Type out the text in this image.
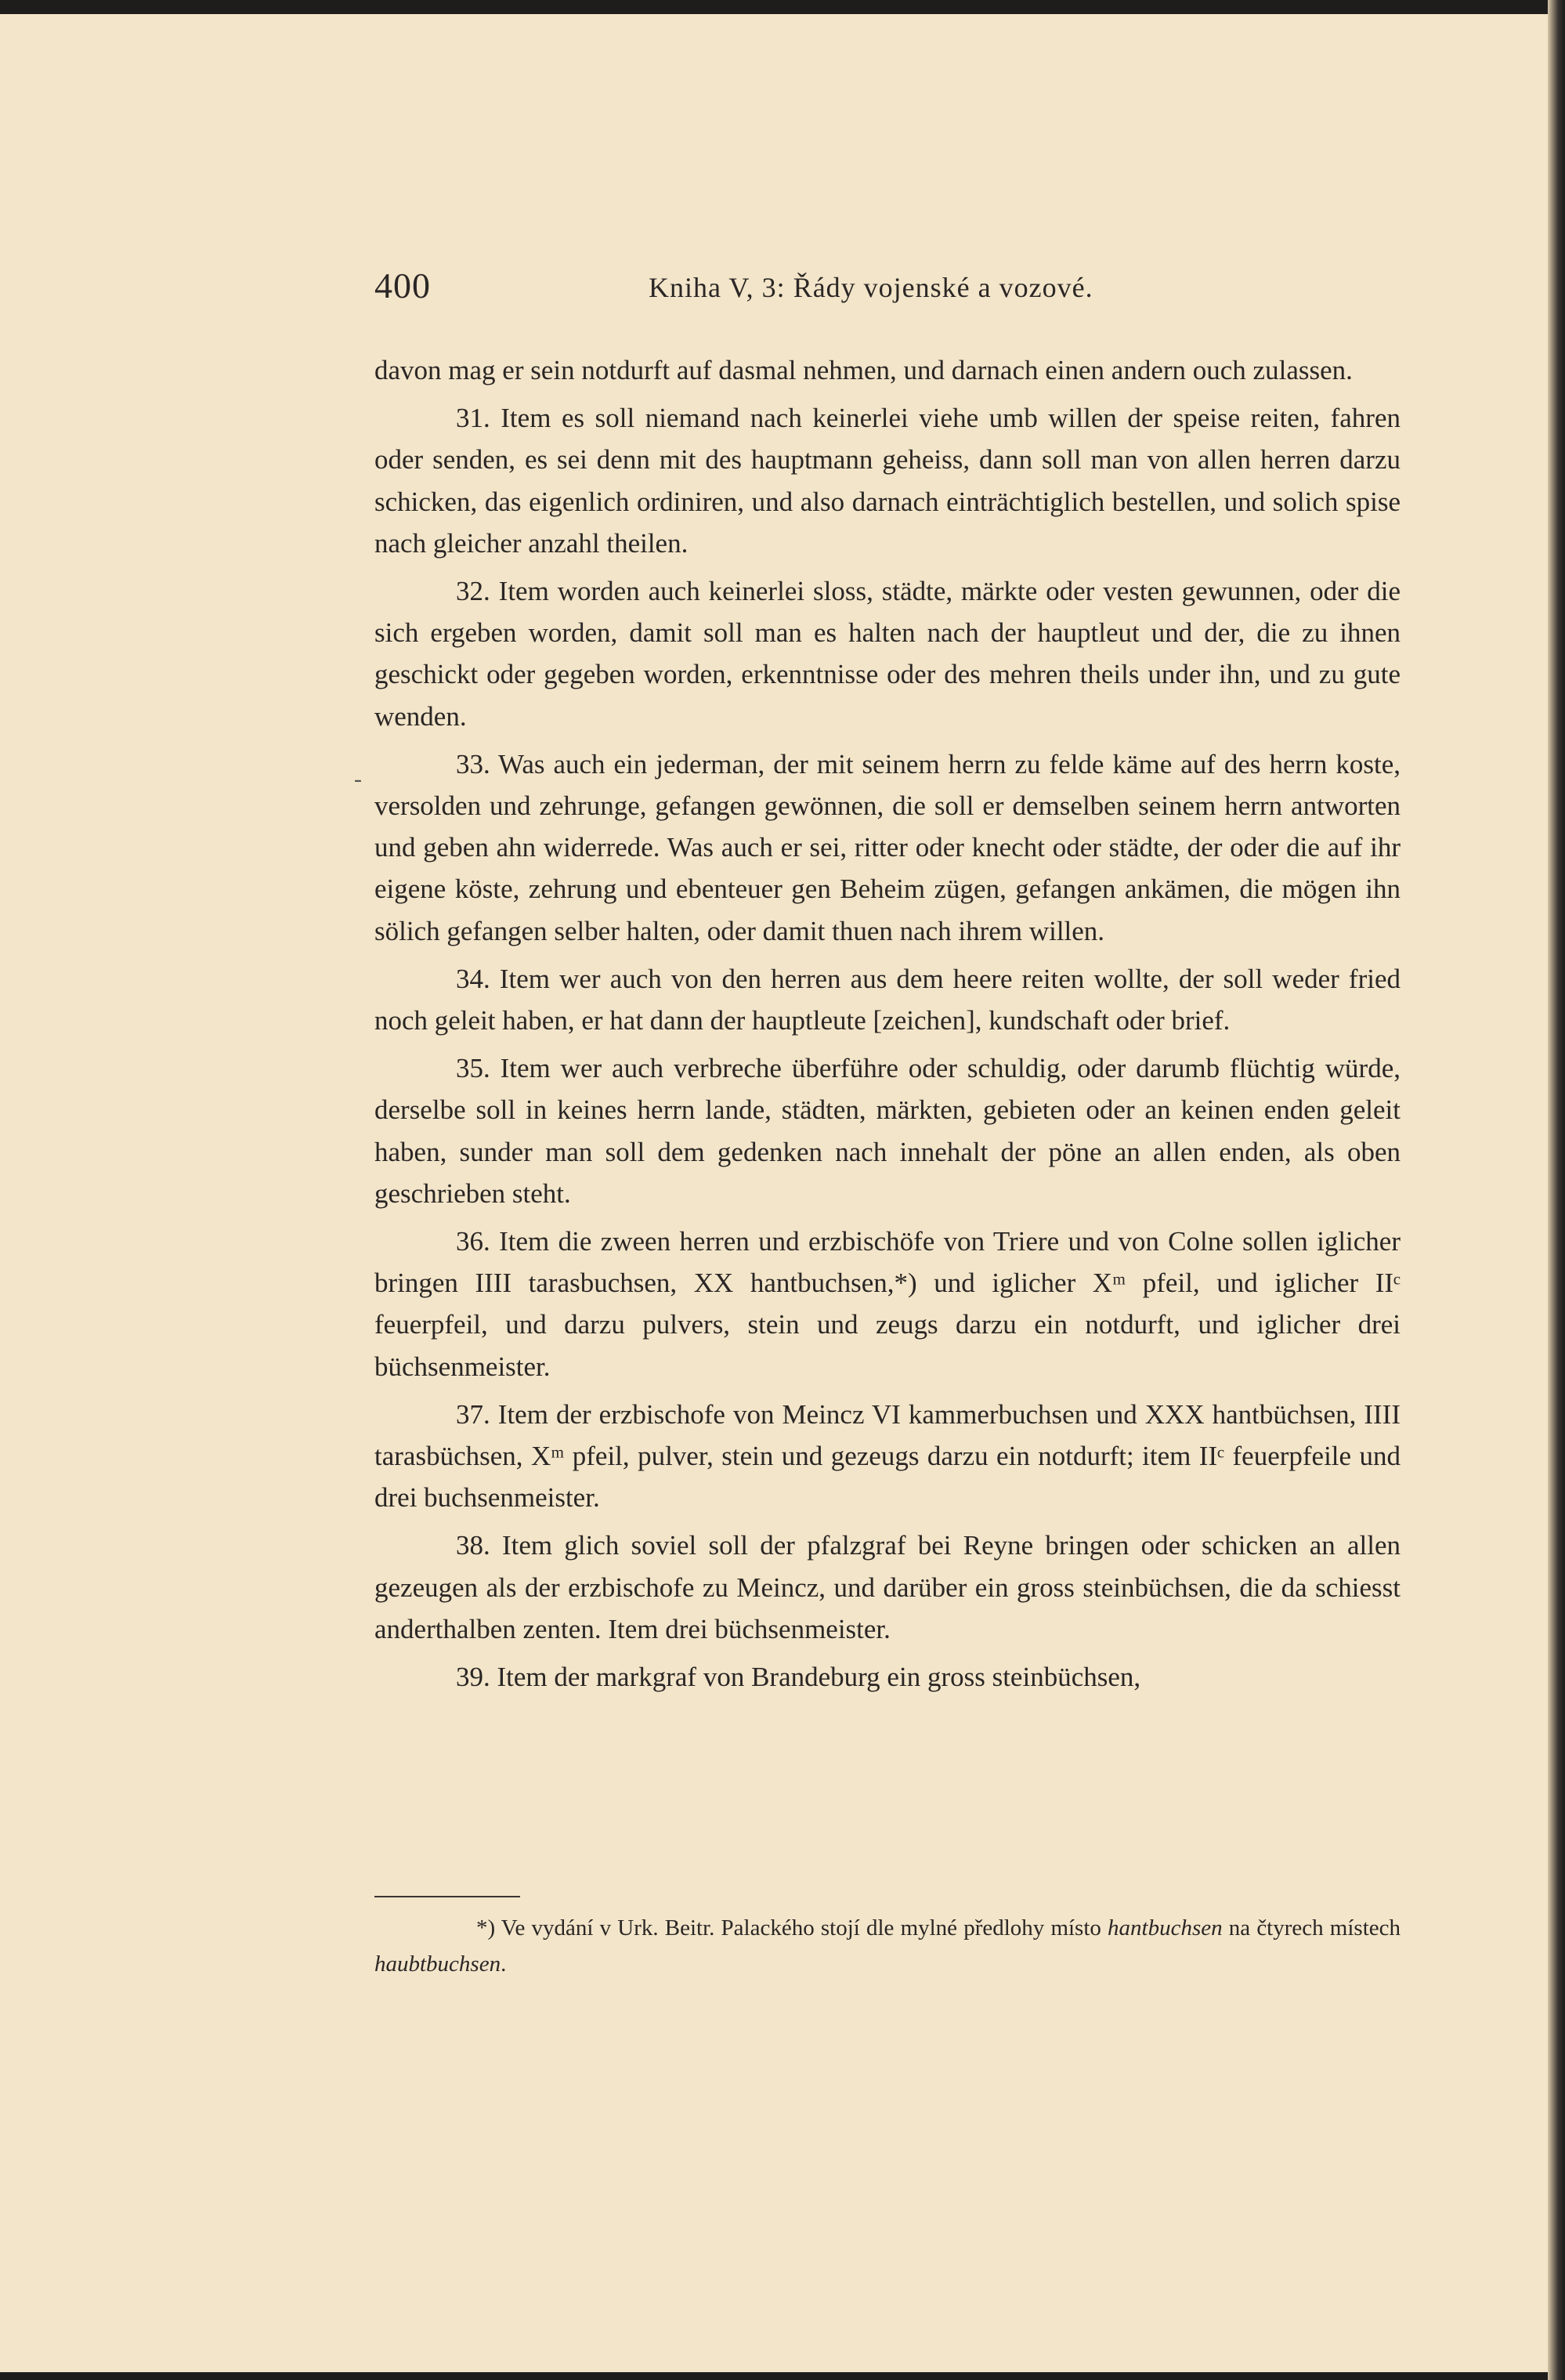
400	Kniha V, 3: Řády vojenské a vozové.
-

davon mag er sein notdurft auf dasmal nehmen, und darnach einen andern ouch zulassen.

31. Item es soll niemand nach keinerlei viehe umb willen der speise reiten, fahren oder senden, es sei denn mit des hauptmann geheiss, dann soll man von allen herren darzu schicken, das eigenlich ordiniren, und also darnach einträchtiglich bestellen, und solich spise nach gleicher anzahl theilen.

32. Item worden auch keinerlei sloss, städte, märkte oder vesten gewunnen, oder die sich ergeben worden, damit soll man es halten nach der hauptleut und der, die zu ihnen geschickt oder gegeben worden, erkenntnisse oder des mehren theils under ihn, und zu gute wenden.

33. Was auch ein jederman, der mit seinem herrn zu felde käme auf des herrn koste, versolden und zehrunge, gefangen gewönnen, die soll er demselben seinem herrn antworten und geben ahn widerrede. Was auch er sei, ritter oder knecht oder städte, der oder die auf ihr eigene köste, zehrung und ebenteuer gen Beheim zügen, gefangen ankämen, die mögen ihn sölich gefangen selber halten, oder damit thuen nach ihrem willen.

34. Item wer auch von den herren aus dem heere reiten wollte, der soll weder fried noch geleit haben, er hat dann der hauptleute [zeichen], kundschaft oder brief.

35. Item wer auch verbreche überführe oder schuldig, oder darumb flüchtig würde, derselbe soll in keines herrn lande, städten, märkten, gebieten oder an keinen enden geleit haben, sunder man soll dem gedenken nach innehalt der pöne an allen enden, als oben geschrieben steht.

36. Item die zween herren und erzbischöfe von Triere und von Colne sollen iglicher bringen IIII tarasbuchsen, XX hantbuchsen,*) und iglicher Xᵐ pfeil, und iglicher IIᶜ feuerpfeil, und darzu pulvers, stein und zeugs darzu ein notdurft, und iglicher drei büchsenmeister.

37. Item der erzbischofe von Meincz VI kammerbuchsen und XXX hantbüchsen, IIII tarasbüchsen, Xᵐ pfeil, pulver, stein und gezeugs darzu ein notdurft; item IIᶜ feuerpfeile und drei buchsenmeister.

38. Item glich soviel soll der pfalzgraf bei Reyne bringen oder schicken an allen gezeugen als der erzbischofe zu Meincz, und darüber ein gross steinbüchsen, die da schiesst anderthalben zenten. Item drei büchsenmeister.

39. Item der markgraf von Brandeburg ein gross steinbüchsen,

*) Ve vydání v Urk. Beitr. Palackého stojí dle mylné předlohy místo hantbuchsen na čtyrech místech haubtbuchsen.
